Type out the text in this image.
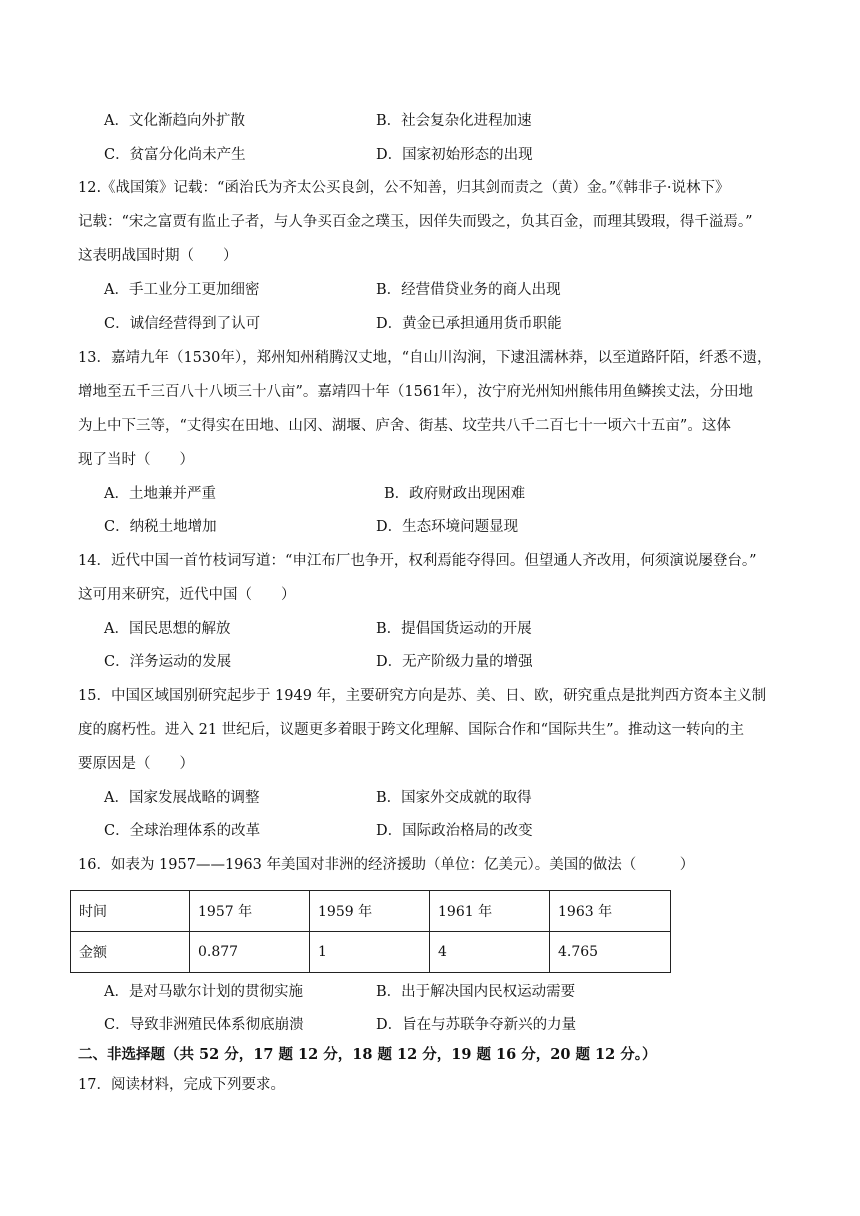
A．文化渐趋向外扩散	B．社会复杂化进程加速
C．贫富分化尚未产生	D．国家初始形态的出现
12.《战国策》记载：“函治氏为齐太公买良剑，公不知善，归其剑而责之（黄）金。”《韩非子·说林下》
记载：“宋之富贾有监止子者，与人争买百金之璞玉，因佯失而毁之，负其百金，而理其毁瑕，得千溢焉。”
这表明战国时期（　　）
A．手工业分工更加细密	B．经营借贷业务的商人出现
C．诚信经营得到了认可	D．黄金已承担通用货币职能
13．嘉靖九年（1530年），郑州知州稍腾汉丈地，“自山川沟涧，下逮沮濡林莽，以至道路阡陌，纤悉不遗，
增地至五千三百八十八顷三十八亩”。嘉靖四十年（1561年），汝宁府光州知州熊伟用鱼鳞挨丈法，分田地
为上中下三等，“丈得实在田地、山冈、湖堰、庐舍、街基、坟茔共八千二百七十一顷六十五亩”。这体
现了当时（　　）
A．土地兼并严重	B．政府财政出现困难
C．纳税土地增加	D．生态环境问题显现
14．近代中国一首竹枝词写道：“申江布厂也争开，权利焉能夺得回。但望通人齐改用，何须演说屡登台。”
这可用来研究，近代中国（　　）
A．国民思想的解放	B．提倡国货运动的开展
C．洋务运动的发展	D．无产阶级力量的增强
15．中国区域国别研究起步于 1949 年，主要研究方向是苏、美、日、欧，研究重点是批判西方资本主义制
度的腐朽性。进入 21 世纪后，议题更多着眼于跨文化理解、国际合作和“国际共生”。推动这一转向的主
要原因是（　　）
A．国家发展战略的调整	B．国家外交成就的取得
C．全球治理体系的改革	D．国际政治格局的改变
16．如表为 1957——1963 年美国对非洲的经济援助（单位：亿美元）。美国的做法（　　　）
时间	1957 年	1959 年	1961 年	1963 年
金额	0.877	1	4	4.765
A．是对马歇尔计划的贯彻实施	B．出于解决国内民权运动需要
C．导致非洲殖民体系彻底崩溃	D．旨在与苏联争夺新兴的力量
二、非选择题（共 52 分，17 题 12 分，18 题 12 分，19 题 16 分，20 题 12 分。）
17．阅读材料，完成下列要求。
